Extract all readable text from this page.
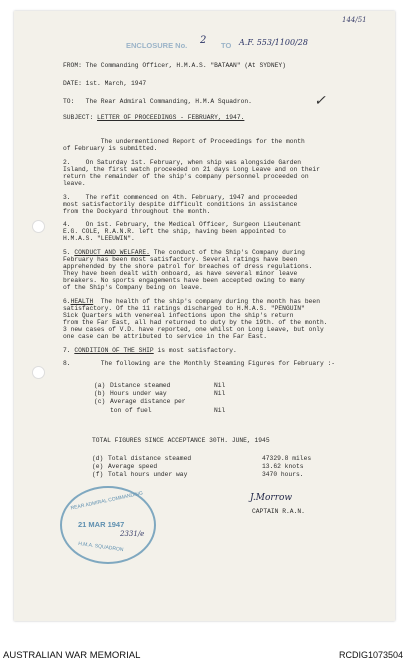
144/51
ENCLOSURE No. 2 TO A.F. 553/1100/28
FROM: The Commanding Officer, H.M.A.S. "BATAAN" (At SYDNEY)
DATE: 1st. March, 1947
TO:   The Rear Admiral Commanding, H.M.A Squadron.	✓
SUBJECT: LETTER OF PROCEEDINGS - FEBRUARY, 1947.
The undermentioned Report of Proceedings for the month
of February is submitted.
2.    On Saturday 1st. February, when ship was alongside Garden
Island, the first watch proceeded on 21 days Long Leave and on their
return the remainder of the ship's company personnel proceeded on
leave.
3.    The refit commenced on 4th. February, 1947 and proceeded
most satisfactorily despite difficult conditions in assistance
from the Dockyard throughout the month.
4.    On 1st. February, the Medical Officer, Surgeon Lieutenant
E.G. COLE, R.A.N.R. left the ship, having been appointed to
H.M.A.S. "LEEUWIN".
5. CONDUCT AND WELFARE. The conduct of the Ship's Company during
February has been most satisfactory. Several ratings have been
apprehended by the shore patrol for breaches of dress regulations.
They have been dealt with onboard, as have several minor leave
breakers. No sports engagements have been accepted owing to many
of the Ship's Company being on leave.
6.HEALTH  The health of the ship's company during the month has been
satisfactory. Of the 11 ratings discharged to H.M.A.S. "PENGUIN"
Sick Quarters with venereal infections upon the ship's return
from the Far East, all had returned to duty by the 19th. of the month.
3 new cases of V.D. have reported, one whilst on Long Leave, but only
one case can be attributed to service in the Far East.
7. CONDITION OF THE SHIP is most satisfactory.
8.        The following are the Monthly Steaming Figures for February :-
(a) Distance steamed	Nil
(b) Hours under way	Nil
(c) Average distance per
ton of fuel	Nil
TOTAL FIGURES SINCE ACCEPTANCE 30TH. JUNE, 1945
(d) Total distance steamed	47329.8 miles
(e) Average speed	13.62 knots
(f) Total hours under way	3470 hours.
J.Morrow
CAPTAIN R.A.N.
REAR ADMIRAL COMMANDING
21 MAR 1947
2331/e
H.M.A. SQUADRON
AUSTRALIAN WAR MEMORIAL	RCDIG1073504
